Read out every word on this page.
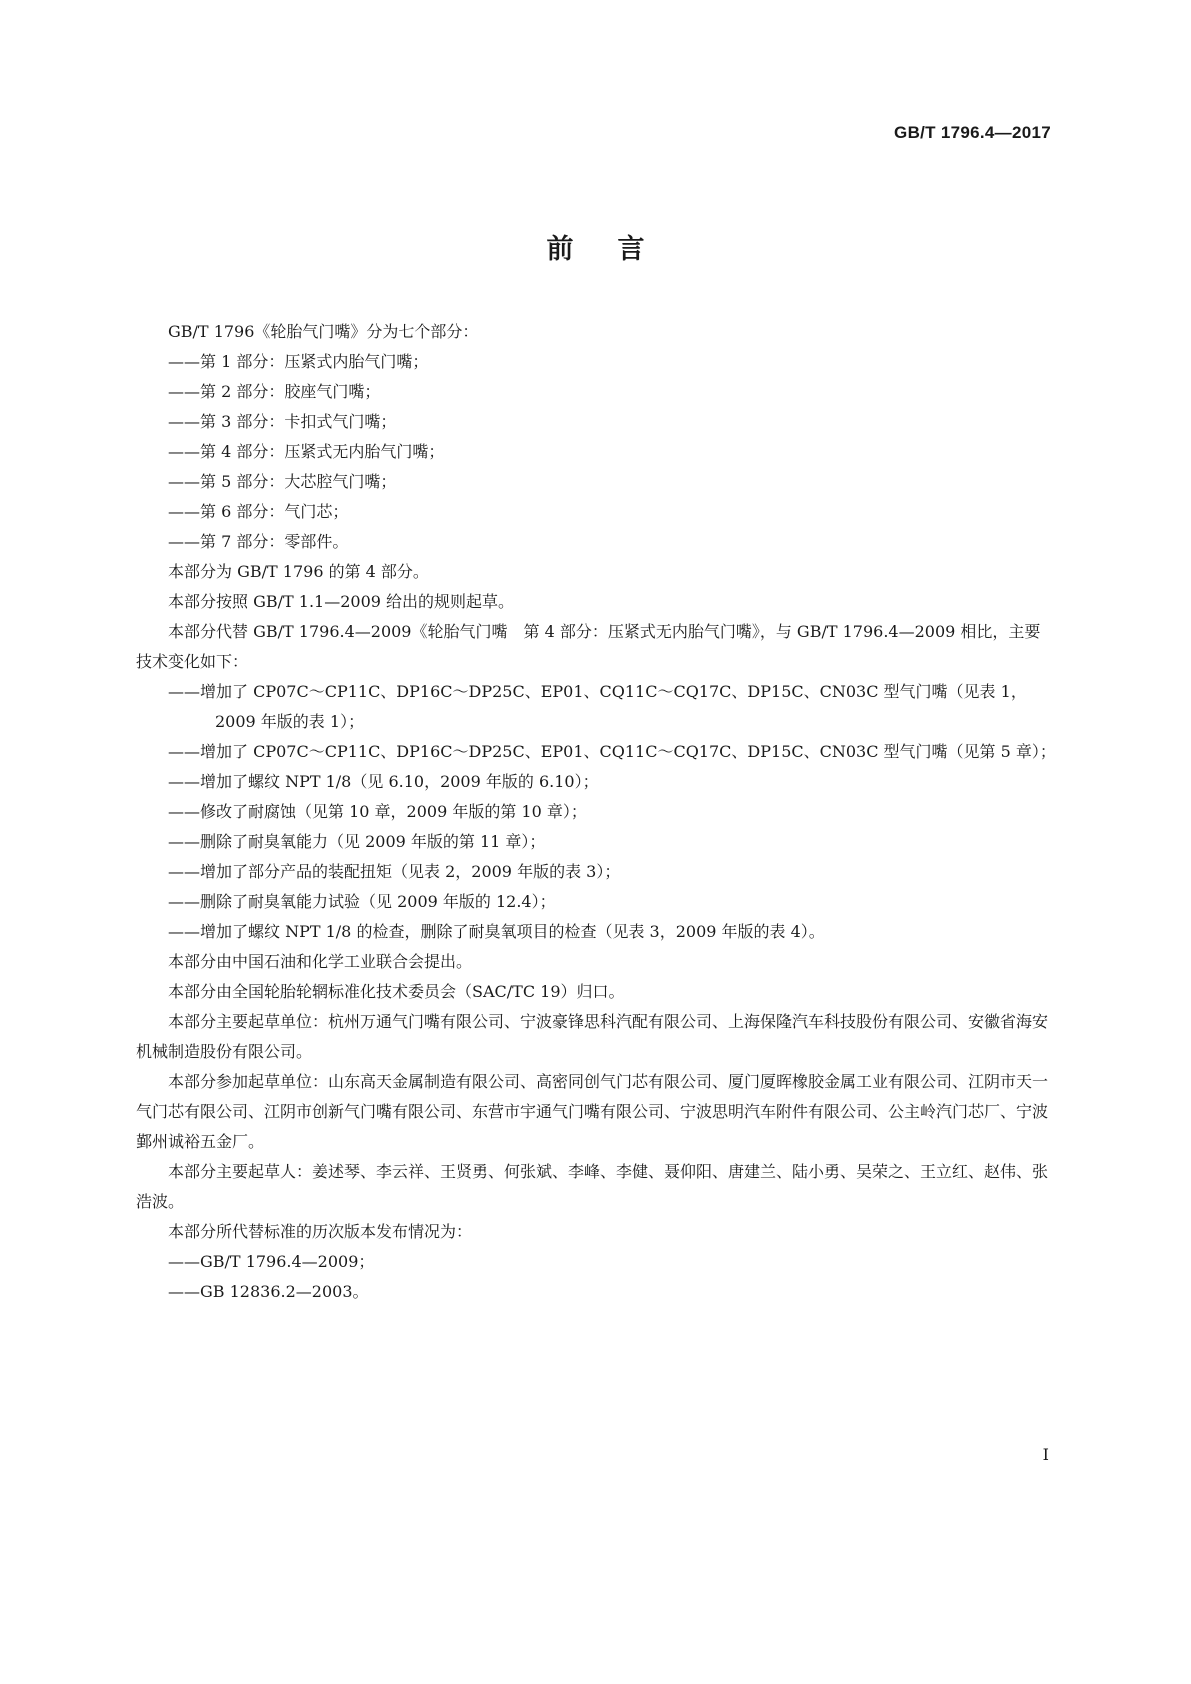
GB/T 1796.4—2017
前言
GB/T 1796《轮胎气门嘴》分为七个部分：
——第 1 部分：压紧式内胎气门嘴；
——第 2 部分：胶座气门嘴；
——第 3 部分：卡扣式气门嘴；
——第 4 部分：压紧式无内胎气门嘴；
——第 5 部分：大芯腔气门嘴；
——第 6 部分：气门芯；
——第 7 部分：零部件。
本部分为 GB/T 1796 的第 4 部分。
本部分按照 GB/T 1.1—2009 给出的规则起草。
本部分代替 GB/T 1796.4—2009《轮胎气门嘴　第 4 部分：压紧式无内胎气门嘴》，与 GB/T 1796.4—2009 相比，主要技术变化如下：
——增加了 CP07C～CP11C、DP16C～DP25C、EP01、CQ11C～CQ17C、DP15C、CN03C 型气门嘴（见表 1，2009 年版的表 1）；
——增加了 CP07C～CP11C、DP16C～DP25C、EP01、CQ11C～CQ17C、DP15C、CN03C 型气门嘴（见第 5 章）；
——增加了螺纹 NPT 1/8（见 6.10，2009 年版的 6.10）；
——修改了耐腐蚀（见第 10 章，2009 年版的第 10 章）；
——删除了耐臭氧能力（见 2009 年版的第 11 章）；
——增加了部分产品的装配扭矩（见表 2，2009 年版的表 3）；
——删除了耐臭氧能力试验（见 2009 年版的 12.4）；
——增加了螺纹 NPT 1/8 的检查，删除了耐臭氧项目的检查（见表 3，2009 年版的表 4）。
本部分由中国石油和化学工业联合会提出。
本部分由全国轮胎轮辋标准化技术委员会（SAC/TC 19）归口。
本部分主要起草单位：杭州万通气门嘴有限公司、宁波豪锋思科汽配有限公司、上海保隆汽车科技股份有限公司、安徽省海安机械制造股份有限公司。
本部分参加起草单位：山东高天金属制造有限公司、高密同创气门芯有限公司、厦门厦晖橡胶金属工业有限公司、江阴市天一气门芯有限公司、江阴市创新气门嘴有限公司、东营市宇通气门嘴有限公司、宁波思明汽车附件有限公司、公主岭汽门芯厂、宁波鄞州诚裕五金厂。
本部分主要起草人：姜述琴、李云祥、王贤勇、何张斌、李峰、李健、聂仰阳、唐建兰、陆小勇、吴荣之、王立红、赵伟、张浩波。
本部分所代替标准的历次版本发布情况为：
——GB/T 1796.4—2009；
——GB 12836.2—2003。
I
